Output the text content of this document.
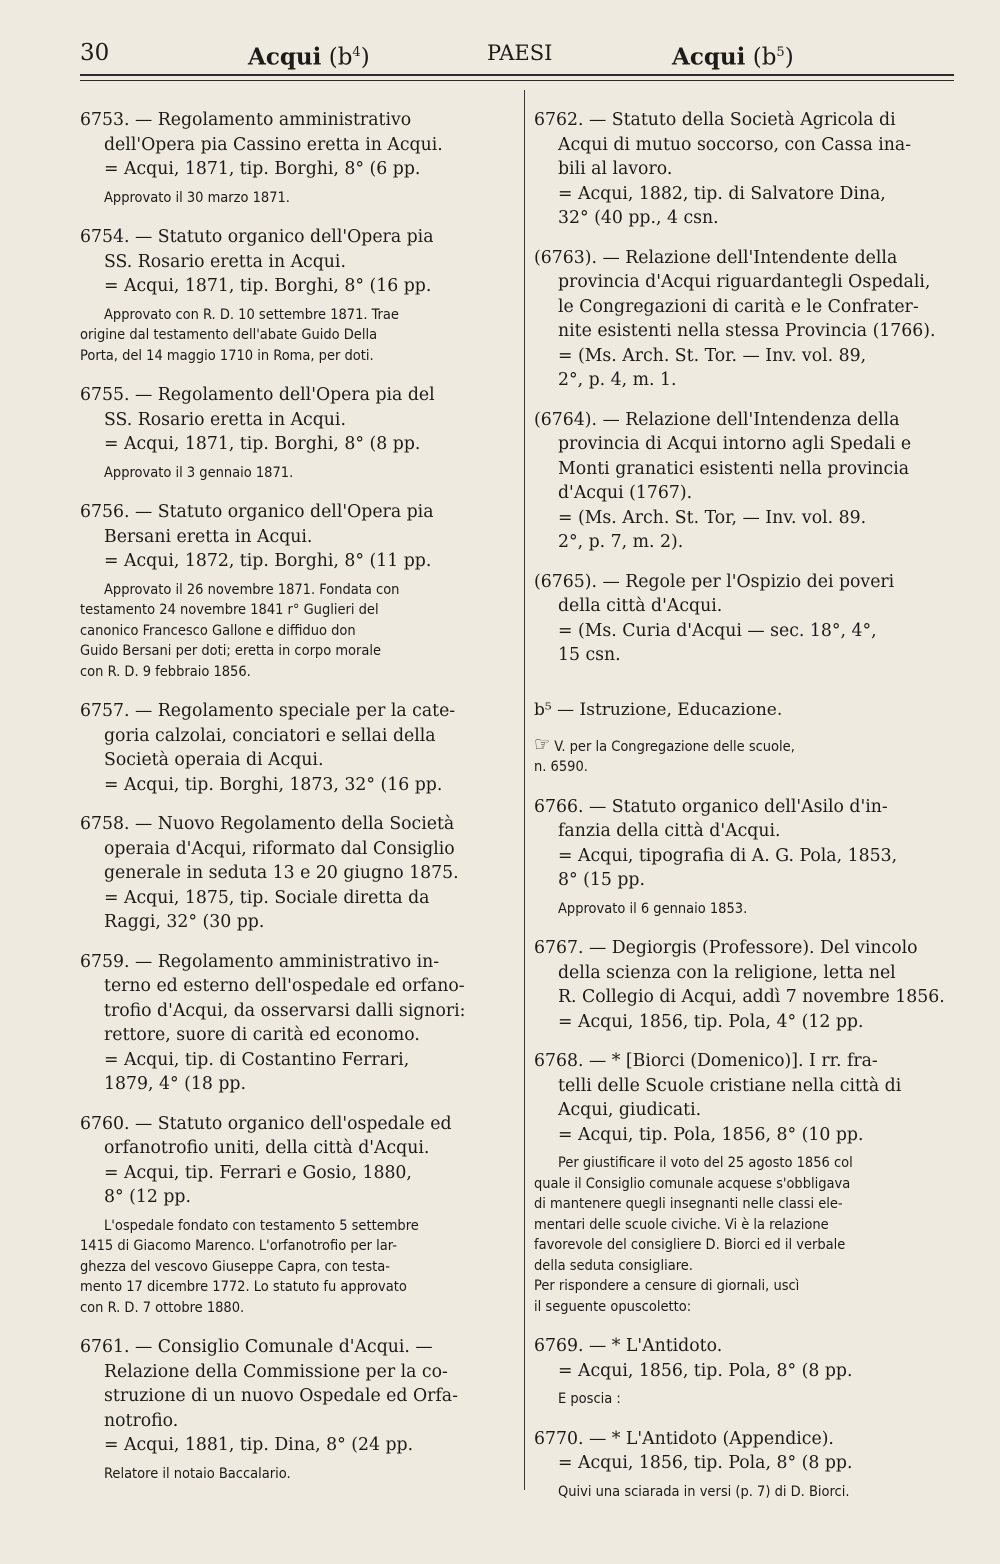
30	Acqui $(b^4)$	PAESI	Acqui $(b^5)$
6753. — Regolamento amministrativo
dell'Opera pia Cassino eretta in Acqui.
= Acqui, 1871, tip. Borghi, 8° (6 pp.
Approvato il 30 marzo 1871.
6754. — Statuto organico dell'Opera pia
SS. Rosario eretta in Acqui.
= Acqui, 1871, tip. Borghi, 8° (16 pp.
Approvato con R. D. 10 settembre 1871. Trae
origine dal testamento dell'abate Guido Della
Porta, del 14 maggio 1710 in Roma, per doti.
6755. — Regolamento dell'Opera pia del
SS. Rosario eretta in Acqui.
= Acqui, 1871, tip. Borghi, 8° (8 pp.
Approvato il 3 gennaio 1871.
6756. — Statuto organico dell'Opera pia
Bersani eretta in Acqui.
= Acqui, 1872, tip. Borghi, 8° (11 pp.
Approvato il 26 novembre 1871. Fondata con
testamento 24 novembre 1841 r° Guglieri del
canonico Francesco Gallone e diffiduo don
Guido Bersani per doti; eretta in corpo morale
con R. D. 9 febbraio 1856.
6757. — Regolamento speciale per la cate-
goria calzolai, conciatori e sellai della
Società operaia di Acqui.
= Acqui, tip. Borghi, 1873, 32° (16 pp.
6758. — Nuovo Regolamento della Società
operaia d'Acqui, riformato dal Consiglio
generale in seduta 13 e 20 giugno 1875.
= Acqui, 1875, tip. Sociale diretta da
Raggi, 32° (30 pp.
6759. — Regolamento amministrativo in-
terno ed esterno dell'ospedale ed orfano-
trofio d'Acqui, da osservarsi dalli signori:
rettore, suore di carità ed economo.
= Acqui, tip. di Costantino Ferrari,
1879, 4° (18 pp.
6760. — Statuto organico dell'ospedale ed
orfanotrofio uniti, della città d'Acqui.
= Acqui, tip. Ferrari e Gosio, 1880,
8° (12 pp.
L'ospedale fondato con testamento 5 settembre
1415 di Giacomo Marenco. L'orfanotrofio per lar-
ghezza del vescovo Giuseppe Capra, con testa-
mento 17 dicembre 1772. Lo statuto fu approvato
con R. D. 7 ottobre 1880.
6761. — Consiglio Comunale d'Acqui. —
Relazione della Commissione per la co-
struzione di un nuovo Ospedale ed Orfa-
notrofio.
= Acqui, 1881, tip. Dina, 8° (24 pp.
Relatore il notaio Baccalario.
6762. — Statuto della Società Agricola di
Acqui di mutuo soccorso, con Cassa ina-
bili al lavoro.
= Acqui, 1882, tip. di Salvatore Dina,
32° (40 pp., 4 csn.
(6763). — Relazione dell'Intendente della
provincia d'Acqui riguardantegli Ospedali,
le Congregazioni di carità e le Confrater-
nite esistenti nella stessa Provincia (1766).
= (Ms. Arch. St. Tor. — Inv. vol. 89,
2°, p. 4, m. 1.
(6764). — Relazione dell'Intendenza della
provincia di Acqui intorno agli Spedali e
Monti granatici esistenti nella provincia
d'Acqui (1767).
= (Ms. Arch. St. Tor, — Inv. vol. 89.
2°, p. 7, m. 2).
(6765). — Regole per l'Ospizio dei poveri
della città d'Acqui.
= (Ms. Curia d'Acqui — sec. 18°, 4°,
15 csn.
b⁵ — Istruzione, Educazione.
☞ V. per la Congregazione delle scuole,
n. 6590.
6766. — Statuto organico dell'Asilo d'in-
fanzia della città d'Acqui.
= Acqui, tipografia di A. G. Pola, 1853,
8° (15 pp.
Approvato il 6 gennaio 1853.
6767. — Degiorgis (Professore). Del vincolo
della scienza con la religione, letta nel
R. Collegio di Acqui, addì 7 novembre 1856.
= Acqui, 1856, tip. Pola, 4° (12 pp.
6768. — * [Biorci (Domenico)]. I rr. fra-
telli delle Scuole cristiane nella città di
Acqui, giudicati.
= Acqui, tip. Pola, 1856, 8° (10 pp.
Per giustificare il voto del 25 agosto 1856 col
quale il Consiglio comunale acquese s'obbligava
di mantenere quegli insegnanti nelle classi ele-
mentari delle scuole civiche. Vi è la relazione
favorevole del consigliere D. Biorci ed il verbale
della seduta consigliare.
Per rispondere a censure di giornali, uscì
il seguente opuscoletto:
6769. — * L'Antidoto.
= Acqui, 1856, tip. Pola, 8° (8 pp.
E poscia :
6770. — * L'Antidoto (Appendice).
= Acqui, 1856, tip. Pola, 8° (8 pp.
Quivi una sciarada in versi (p. 7) di D. Biorci.
